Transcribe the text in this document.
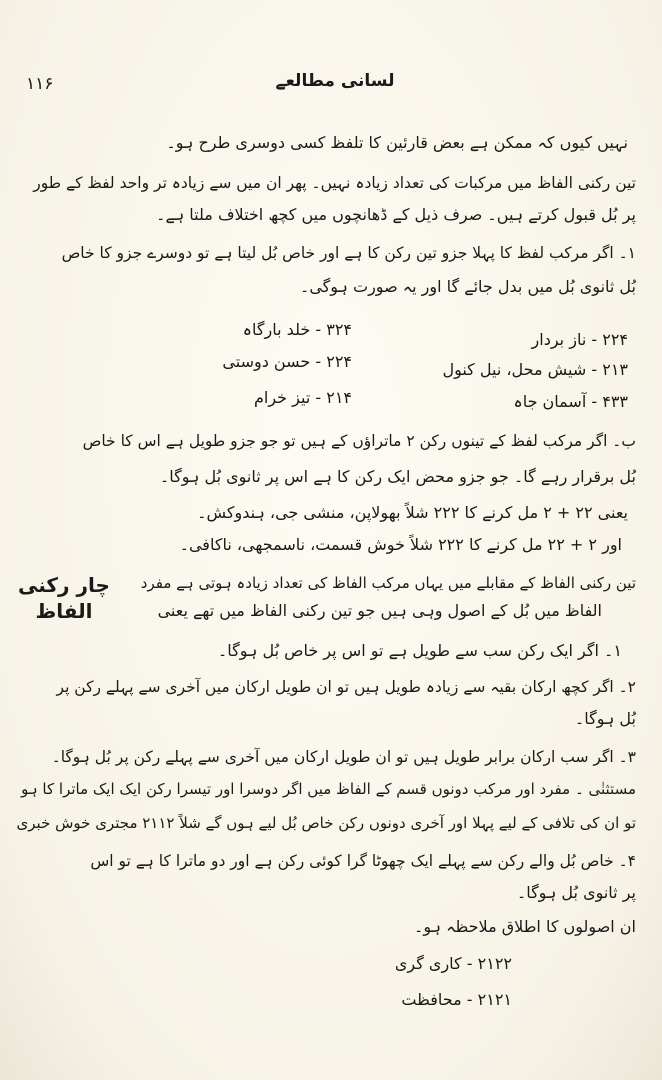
۱۱۶	لسانی مطالعے
نہیں کیوں کہ ممکن ہے بعض قارئین کا تلفظ کسی دوسری طرح ہو۔
تین رکنی الفاظ میں مرکبات کی تعداد زیادہ نہیں۔ پھر ان میں سے زیادہ تر واحد لفظ کے طور
پر بُل قبول کرتے ہیں۔ صرف ذیل کے ڈھانچوں میں کچھ اختلاف ملتا ہے۔
۱۔ اگر مرکب لفظ کا پہلا جزو تین رکن کا ہے اور خاص بُل لیتا ہے تو دوسرے جزو کا خاص
بُل ثانوی بُل میں بدل جائے گا اور یہ صورت ہوگی۔
۲۲۴ - ناز بردار
۲۱۳ - شیش محل، نیل کنول
۴۳۳ - آسمان جاہ
۳۲۴ - خلد بارگاہ
۲۲۴ - حسن دوستی
۲۱۴ - تیز خرام
ب۔ اگر مرکب لفظ کے تینوں رکن ۲ ماتراؤں کے ہیں تو جو جزو طویل ہے اس کا خاص
بُل برقرار رہے گا۔ جو جزو محض ایک رکن کا ہے اس پر ثانوی بُل ہوگا۔
یعنی ۲۲ + ۲ مل کرنے کا ۲۲۲ شلاً بھولاپن، منشی جی، ہندوکش۔
اور ۲ + ۲۲ مل کرنے کا ۲۲۲ شلاً خوش قسمت، ناسمجھی، ناکافی۔
چار رکنی الفاظ
تین رکنی الفاظ کے مقابلے میں یہاں مرکب الفاظ کی تعداد زیادہ ہوتی ہے مفرد
الفاظ میں بُل کے اصول وہی ہیں جو تین رکنی الفاظ میں تھے یعنی
۱۔ اگر ایک رکن سب سے طویل ہے تو اس پر خاص بُل ہوگا۔
۲۔ اگر کچھ ارکان بقیہ سے زیادہ طویل ہیں تو ان طویل ارکان میں آخری سے پہلے رکن پر
بُل ہوگا۔
۳۔ اگر سب ارکان برابر طویل ہیں تو ان طویل ارکان میں آخری سے پہلے رکن پر بُل ہوگا۔
مستثنٰی ۔ مفرد اور مرکب دونوں قسم کے الفاظ میں اگر دوسرا اور تیسرا رکن ایک ایک ماترا کا ہو
تو ان کی تلافی کے لیے پہلا اور آخری دونوں رکن خاص بُل لیے ہوں گے شلاً ۲۱۱۲ مجتری خوش خبری
۴۔ خاص بُل والے رکن سے پہلے ایک چھوٹا گرا کوئی رکن ہے اور دو ماترا کا ہے تو اس
پر ثانوی بُل ہوگا۔
ان اصولوں کا اطلاق ملاحظہ ہو۔
۲۱۲۲ - کاری گری
۲۱۲۱ - محافظت
